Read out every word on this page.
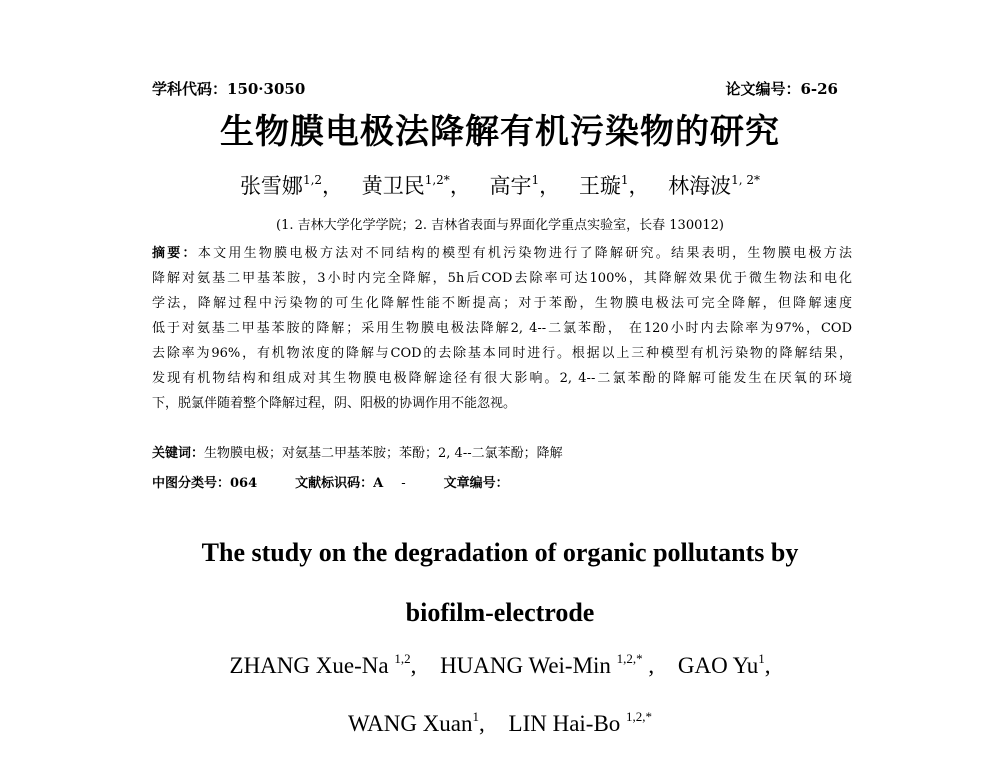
学科代码：150·3050	论文编号：6-26
生物膜电极法降解有机污染物的研究
张雪娜$^{1,2}$， 黄卫民$^{1,2*}$， 高宇$^1$， 王璇$^1$， 林海波$^{1, 2*}$
(1. 吉林大学化学学院；2. 吉林省表面与界面化学重点实验室，长春 130012)
摘要：本文用生物膜电极方法对不同结构的模型有机污染物进行了降解研究。结果表明，生物膜电极方法
降解对氨基二甲基苯胺，3小时内完全降解，5h后COD去除率可达100%，其降解效果优于微生物法和电化
学法，降解过程中污染物的可生化降解性能不断提高；对于苯酚，生物膜电极法可完全降解，但降解速度
低于对氨基二甲基苯胺的降解；采用生物膜电极法降解2, 4--二氯苯酚， 在120小时内去除率为97%，COD
去除率为96%，有机物浓度的降解与COD的去除基本同时进行。根据以上三种模型有机污染物的降解结果，
发现有机物结构和组成对其生物膜电极降解途径有很大影响。2, 4--二氯苯酚的降解可能发生在厌氧的环境
下，脱氯伴随着整个降解过程，阴、阳极的协调作用不能忽视。
关键词：生物膜电极；对氨基二甲基苯胺；苯酚；2, 4--二氯苯酚；降解
中图分类号：064	文献标识码：A -	文章编号：
The study on the degradation of organic pollutants by
biofilm-electrode
ZHANG Xue-Na $^{1,2}$, HUANG Wei-Min $^{1,2,*}$ , GAO Yu$^1$,
WANG Xuan$^1$, LIN Hai-Bo $^{1,2,*}$
